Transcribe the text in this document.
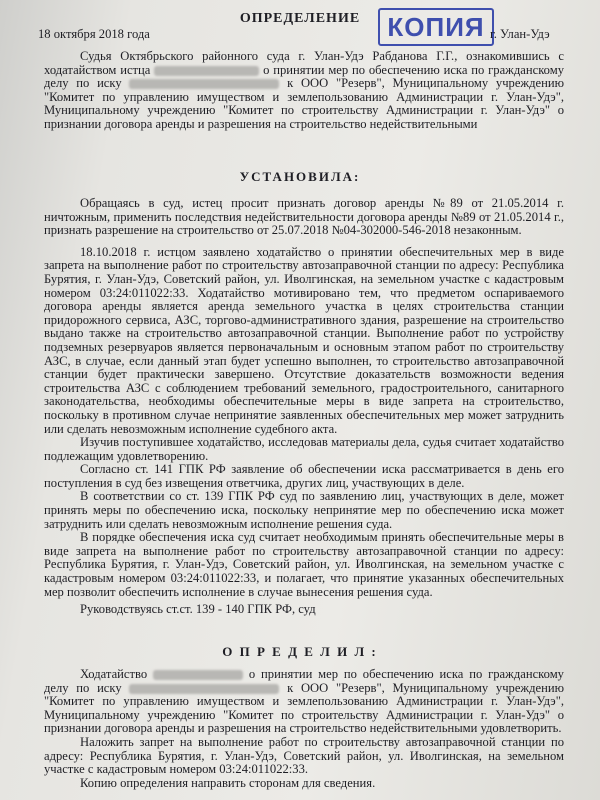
ОПРЕДЕЛЕНИЕ	КОПИЯ
18 октября 2018 года	г. Улан-Удэ

Судья Октябрьского районного суда г. Улан-Удэ Рабданова Г.Г., ознакомившись с ходатайством истца	о принятии мер по обеспечению иска по гражданскому делу по иску	к ООО "Резерв", Муниципальному учреждению "Комитет по управлению имуществом и землепользованию Администрации г. Улан-Удэ", Муниципальному учреждению "Комитет по строительству Администрации г. Улан-Удэ" о признании договора аренды и разрешения на строительство недействительными

УСТАНОВИЛА:

Обращаясь в суд, истец просит признать договор аренды №89 от 21.05.2014 г. ничтожным, применить последствия недействительности договора аренды №89 от 21.05.2014 г., признать разрешение на строительство от 25.07.2018 №04-302000-546-2018 незаконным.

18.10.2018 г. истцом заявлено ходатайство о принятии обеспечительных мер в виде запрета на выполнение работ по строительству автозаправочной станции по адресу: Республика Бурятия, г. Улан-Удэ, Советский район, ул. Иволгинская, на земельном участке с кадастровым номером 03:24:011022:33. Ходатайство мотивировано тем, что предметом оспариваемого договора аренды является аренда земельного участка в целях строительства станции придорожного сервиса, АЗС, торгово-административного здания, разрешение на строительство выдано также на строительство автозаправочной станции. Выполнение работ по устройству подземных резервуаров является первоначальным и основным этапом работ по строительству АЗС, в случае, если данный этап будет успешно выполнен, то строительство автозаправочной станции будет практически завершено. Отсутствие доказательств возможности ведения строительства АЗС с соблюдением требований земельного, градостроительного, санитарного законодательства, необходимы обеспечительные меры в виде запрета на строительство, поскольку в противном случае непринятие заявленных обеспечительных мер может затруднить или сделать невозможным исполнение судебного акта.

Изучив поступившее ходатайство, исследовав материалы дела, судья считает ходатайство подлежащим удовлетворению.

Согласно ст. 141 ГПК РФ заявление об обеспечении иска рассматривается в день его поступления в суд без извещения ответчика, других лиц, участвующих в деле.

В соответствии со ст. 139 ГПК РФ суд по заявлению лиц, участвующих в деле, может принять меры по обеспечению иска, поскольку непринятие мер по обеспечению иска может затруднить или сделать невозможным исполнение решения суда.

В порядке обеспечения иска суд считает необходимым принять обеспечительные меры в виде запрета на выполнение работ по строительству автозаправочной станции по адресу: Республика Бурятия, г. Улан-Удэ, Советский район, ул. Иволгинская, на земельном участке с кадастровым номером 03:24:011022:33, и полагает, что принятие указанных обеспечительных мер позволит обеспечить исполнение в случае вынесения решения суда.

Руководствуясь ст.ст. 139 - 140 ГПК РФ, суд

О П Р Е Д Е Л И Л :

Ходатайство	о принятии мер по обеспечению иска по гражданскому делу по иску	к ООО "Резерв", Муниципальному учреждению "Комитет по управлению имуществом и землепользованию Администрации г. Улан-Удэ", Муниципальному учреждению "Комитет по строительству Администрации г. Улан-Удэ" о признании договора аренды и разрешения на строительство недействительными удовлетворить.

Наложить запрет на выполнение работ по строительству автозаправочной станции по адресу: Республика Бурятия, г. Улан-Удэ, Советский район, ул. Иволгинская, на земельном участке с кадастровым номером 03:24:011022:33.

Копию определения направить сторонам для сведения.
